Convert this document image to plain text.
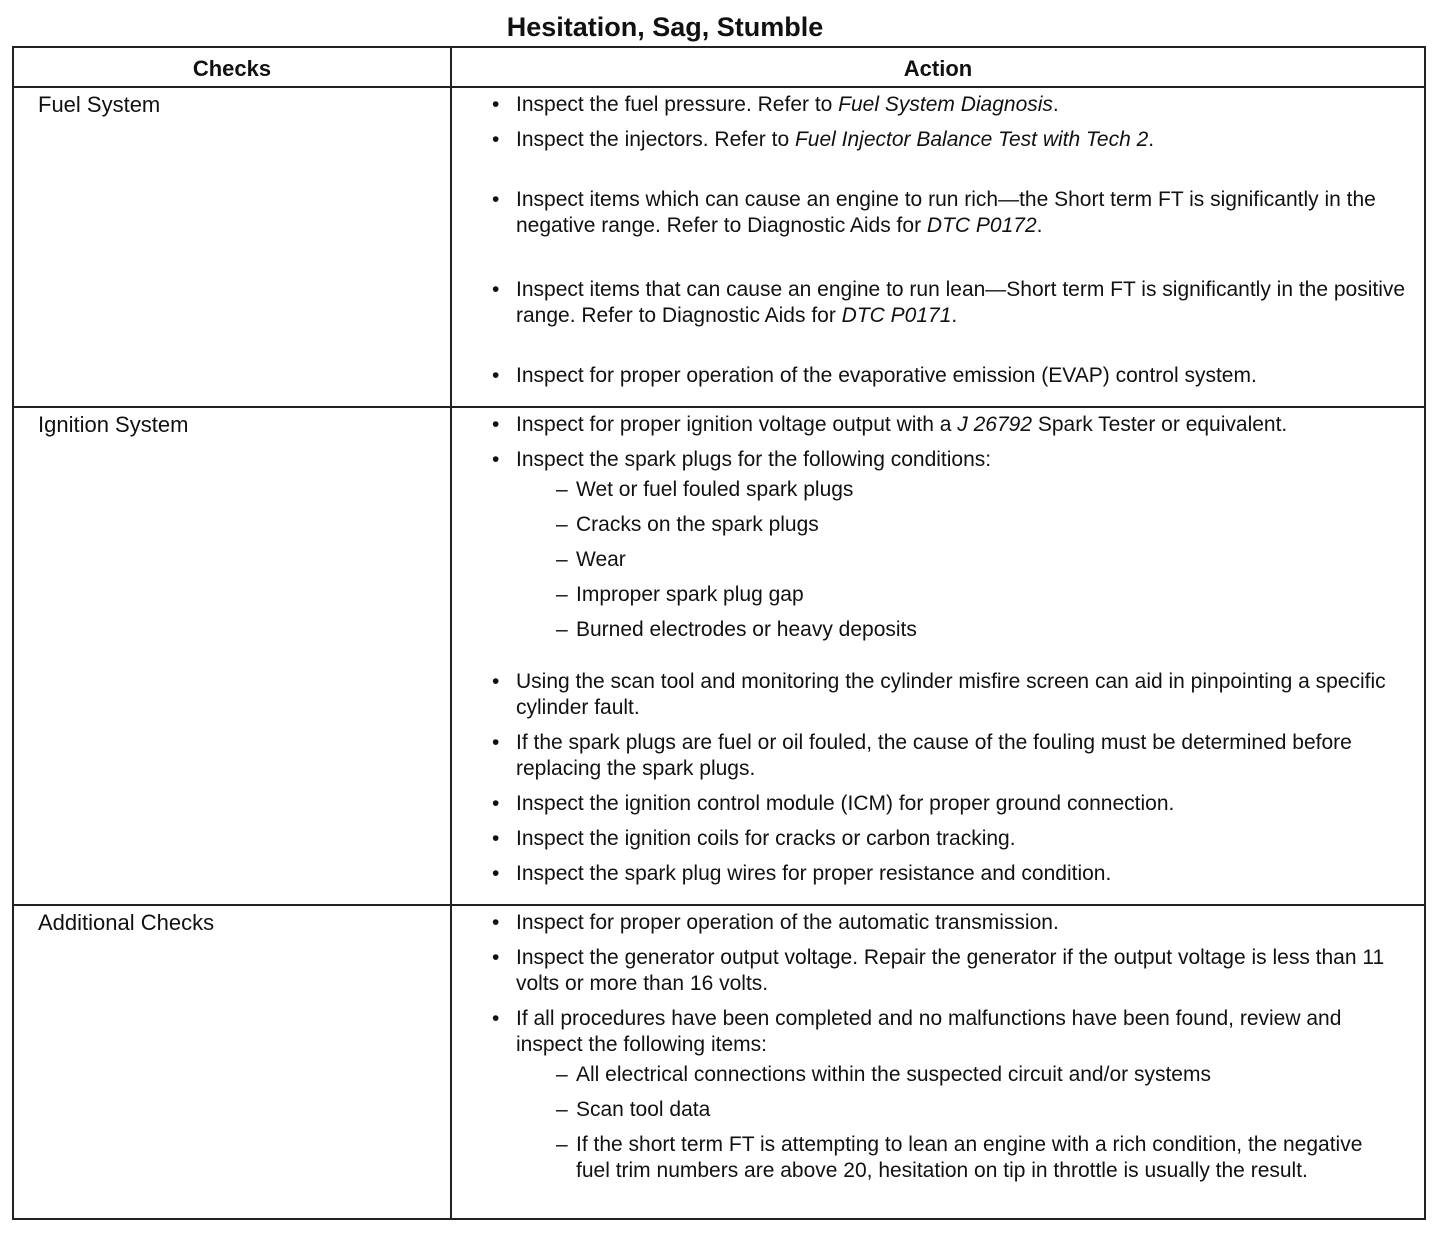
Hesitation, Sag, Stumble
Checks	Action
Fuel System	• Inspect the fuel pressure. Refer to Fuel System Diagnosis.
• Inspect the injectors. Refer to Fuel Injector Balance Test with Tech 2.
• Inspect items which can cause an engine to run rich—the Short term FT is significantly in the negative range. Refer to Diagnostic Aids for DTC P0172.
• Inspect items that can cause an engine to run lean—Short term FT is significantly in the positive range. Refer to Diagnostic Aids for DTC P0171.
• Inspect for proper operation of the evaporative emission (EVAP) control system.
Ignition System	• Inspect for proper ignition voltage output with a J 26792 Spark Tester or equivalent.
• Inspect the spark plugs for the following conditions:
– Wet or fuel fouled spark plugs
– Cracks on the spark plugs
– Wear
– Improper spark plug gap
– Burned electrodes or heavy deposits
• Using the scan tool and monitoring the cylinder misfire screen can aid in pinpointing a specific cylinder fault.
• If the spark plugs are fuel or oil fouled, the cause of the fouling must be determined before replacing the spark plugs.
• Inspect the ignition control module (ICM) for proper ground connection.
• Inspect the ignition coils for cracks or carbon tracking.
• Inspect the spark plug wires for proper resistance and condition.
Additional Checks	• Inspect for proper operation of the automatic transmission.
• Inspect the generator output voltage. Repair the generator if the output voltage is less than 11 volts or more than 16 volts.
• If all procedures have been completed and no malfunctions have been found, review and inspect the following items:
– All electrical connections within the suspected circuit and/or systems
– Scan tool data
– If the short term FT is attempting to lean an engine with a rich condition, the negative fuel trim numbers are above 20, hesitation on tip in throttle is usually the result.
